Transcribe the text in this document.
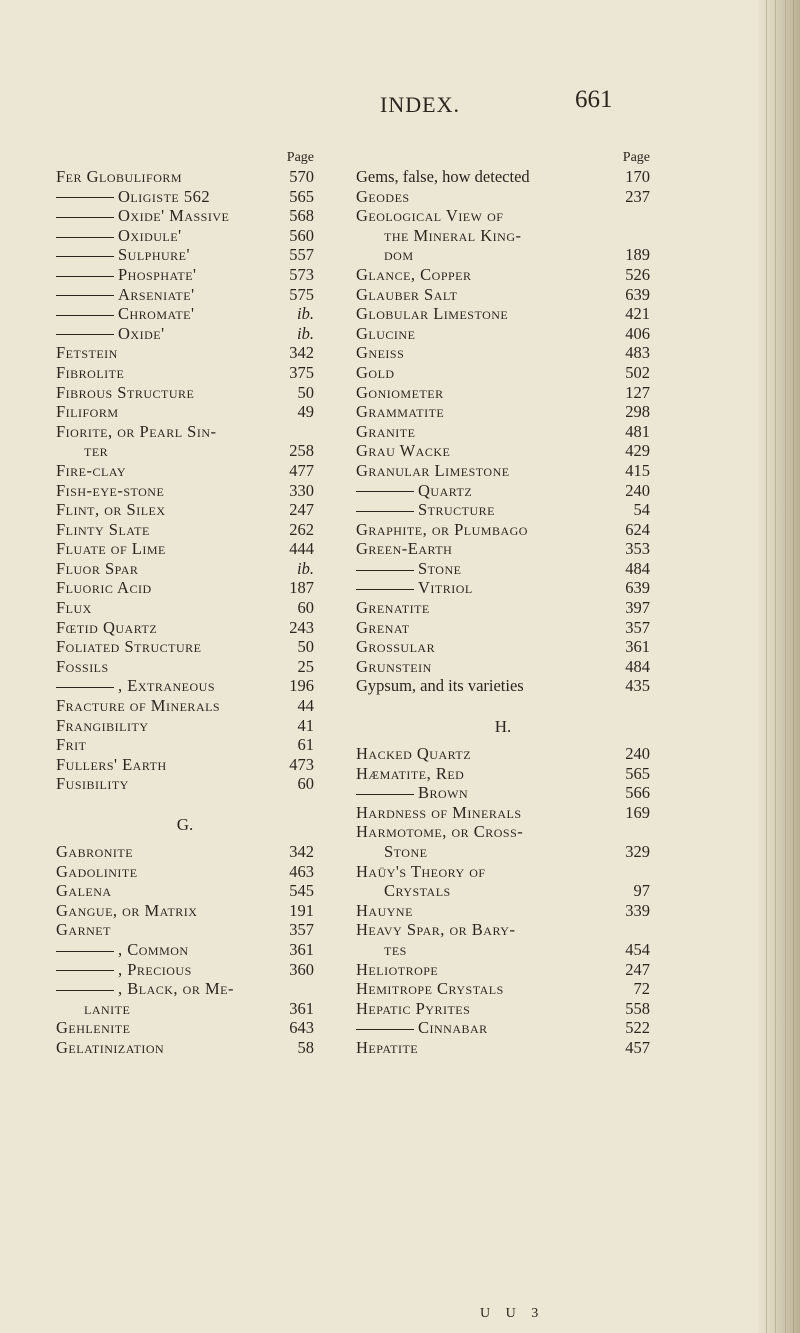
INDEX.	661
Page
Fer Globuliform	570
Oligiste 562	565
Oxide' Massive	568
Oxidule'	560
Sulphure'	557
Phosphate'	573
Arseniate'	575
Chromate'	ib.
Oxide'	ib.
Fetstein	342
Fibrolite	375
Fibrous Structure	50
Filiform	49
Fiorite, or Pearl Sin-
ter	258
Fire-clay	477
Fish-eye-stone	330
Flint, or Silex	247
Flinty Slate	262
Fluate of Lime	444
Fluor Spar	ib.
Fluoric Acid	187
Flux	60
Fœtid Quartz	243
Foliated Structure	50
Fossils	25
, Extraneous	196
Fracture of Minerals	44
Frangibility	41
Frit	61
Fullers' Earth	473
Fusibility	60
G.
Gabronite	342
Gadolinite	463
Galena	545
Gangue, or Matrix	191
Garnet	357
, Common	361
, Precious	360
, Black, or Me-
lanite	361
Gehlenite	643
Gelatinization	58
Page
Gems, false, how detected	170
Geodes	237
Geological View of
the Mineral King-
dom	189
Glance, Copper	526
Glauber Salt	639
Globular Limestone	421
Glucine	406
Gneiss	483
Gold	502
Goniometer	127
Grammatite	298
Granite	481
Grau Wacke	429
Granular Limestone	415
Quartz	240
Structure	54
Graphite, or Plumbago	624
Green-Earth	353
Stone	484
Vitriol	639
Grenatite	397
Grenat	357
Grossular	361
Grunstein	484
Gypsum, and its varieties	435
H.
Hacked Quartz	240
Hæmatite, Red	565
Brown	566
Hardness of Minerals	169
Harmotome, or Cross-
Stone	329
Haüy's Theory of
Crystals	97
Hauyne	339
Heavy Spar, or Bary-
tes	454
Heliotrope	247
Hemitrope Crystals	72
Hepatic Pyrites	558
Cinnabar	522
Hepatite	457
U U 3
